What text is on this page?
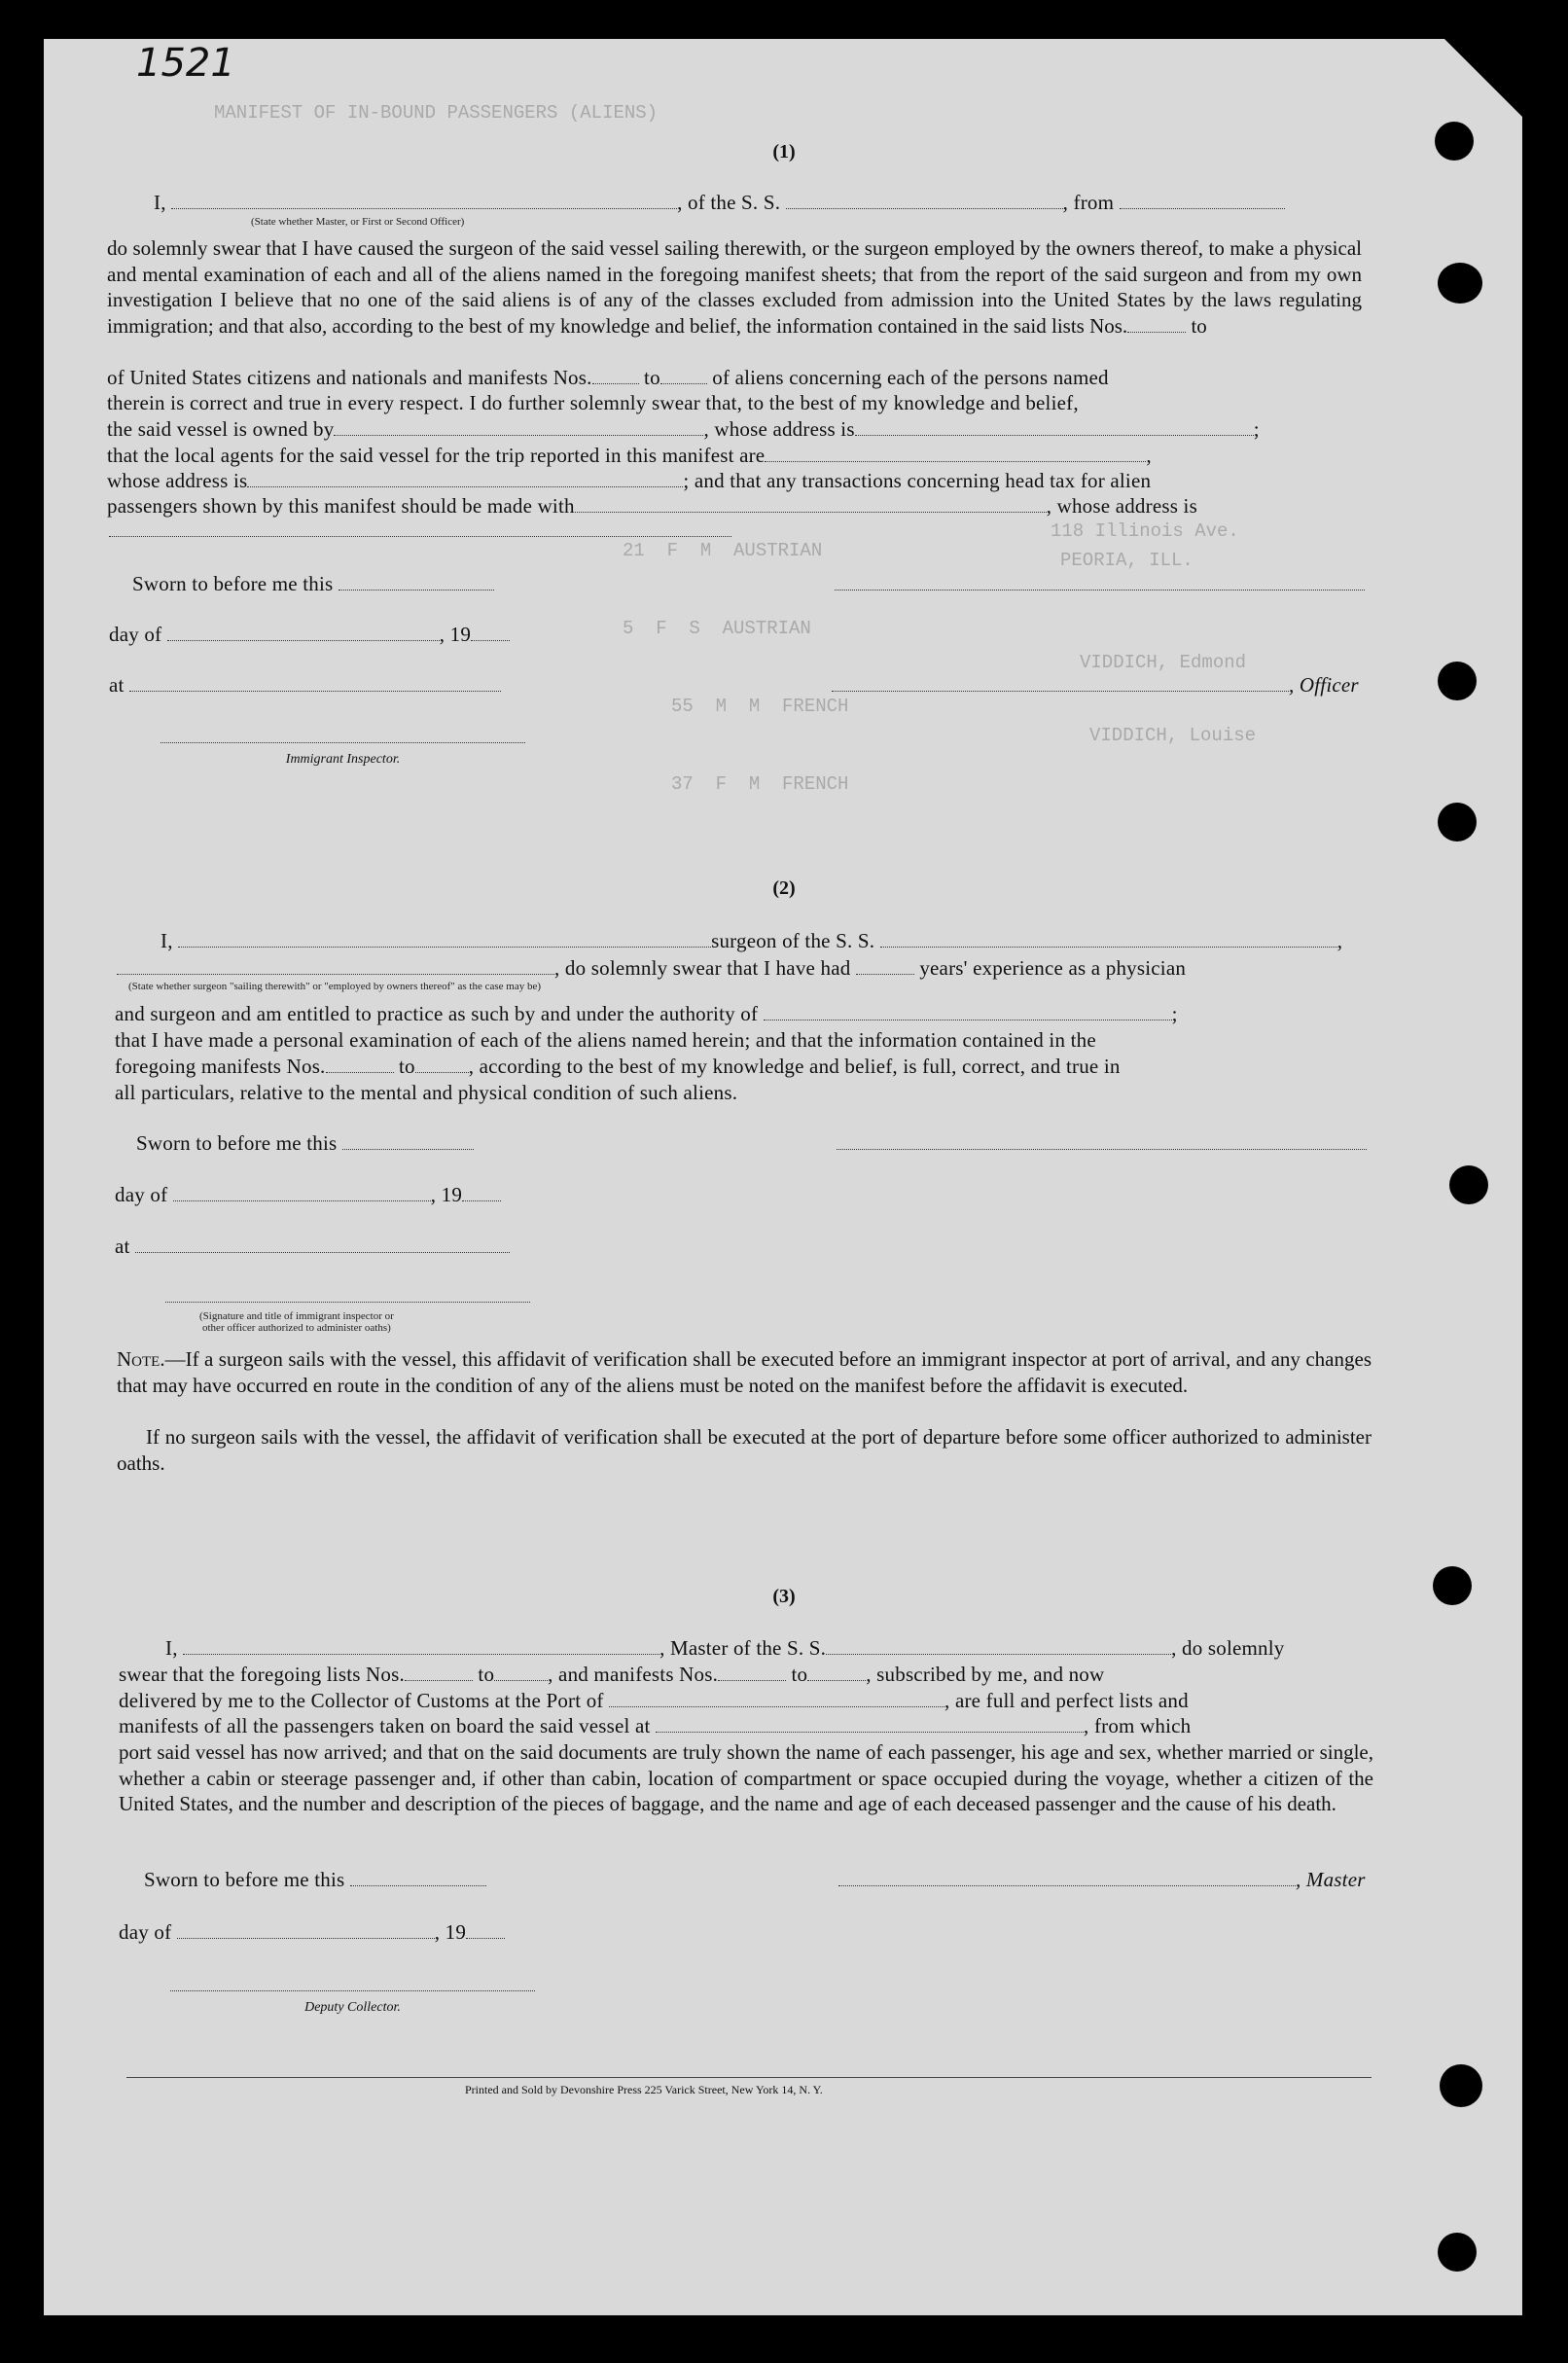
1521
MANIFEST OF IN-BOUND PASSENGERS (ALIENS)
21  F  M  AUSTRIAN
118 Illinois Ave.
PEORIA, ILL.
5  F  S  AUSTRIAN
VIDDICH, Edmond
55  M  M  FRENCH
VIDDICH, Louise
37  F  M  FRENCH
(1)
I,	, of the S. S.	, from
(State whether Master, or First or Second Officer)
do solemnly swear that I have caused the surgeon of the said vessel sailing therewith, or the surgeon employed by the owners thereof, to make a physical and mental examination of each and all of the aliens named in the foregoing manifest sheets; that from the report of the said surgeon and from my own investigation I believe that no one of the said aliens is of any of the classes excluded from admission into the United States by the laws regulating immigration; and that also, according to the best of my knowledge and belief, the information contained in the said lists Nos.	to
of United States citizens and nationals and manifests Nos.	to	of aliens concerning each of the persons named
therein is correct and true in every respect. I do further solemnly swear that, to the best of my knowledge and belief,
the said vessel is owned by	, whose address is	;
that the local agents for the said vessel for the trip reported in this manifest are	,
whose address is	; and that any transactions concerning head tax for alien
passengers shown by this manifest should be made with	, whose address is
Sworn to before me this
day of	, 19
at	, Officer
Immigrant Inspector.
(2)
I,	surgeon of the S. S.	,
, do solemnly swear that I have had	years' experience as a physician
(State whether surgeon "sailing therewith" or "employed by owners thereof" as the case may be)
and surgeon and am entitled to practice as such by and under the authority of	;
that I have made a personal examination of each of the aliens named herein; and that the information contained in the
foregoing manifests Nos.	to	, according to the best of my knowledge and belief, is full, correct, and true in
all particulars, relative to the mental and physical condition of such aliens.
Sworn to before me this
day of	, 19
at
(Signature and title of immigrant inspector or
other officer authorized to administer oaths)
Note.—If a surgeon sails with the vessel, this affidavit of verification shall be executed before an immigrant inspector at port of arrival, and any changes that may have occurred en route in the condition of any of the aliens must be noted on the manifest before the affidavit is executed.
If no surgeon sails with the vessel, the affidavit of verification shall be executed at the port of departure before some officer authorized to administer oaths.
(3)
I,	, Master of the S. S.	, do solemnly
swear that the foregoing lists Nos.	to	, and manifests Nos.	to	, subscribed by me, and now
delivered by me to the Collector of Customs at the Port of	, are full and perfect lists and
manifests of all the passengers taken on board the said vessel at	, from which
port said vessel has now arrived; and that on the said documents are truly shown the name of each passenger, his age and sex, whether married or single, whether a cabin or steerage passenger and, if other than cabin, location of compartment or space occupied during the voyage, whether a citizen of the United States, and the number and description of the pieces of baggage, and the name and age of each deceased passenger and the cause of his death.
Sworn to before me this	, Master
day of	, 19
Deputy Collector.
Printed and Sold by Devonshire Press 225 Varick Street, New York 14, N. Y.
